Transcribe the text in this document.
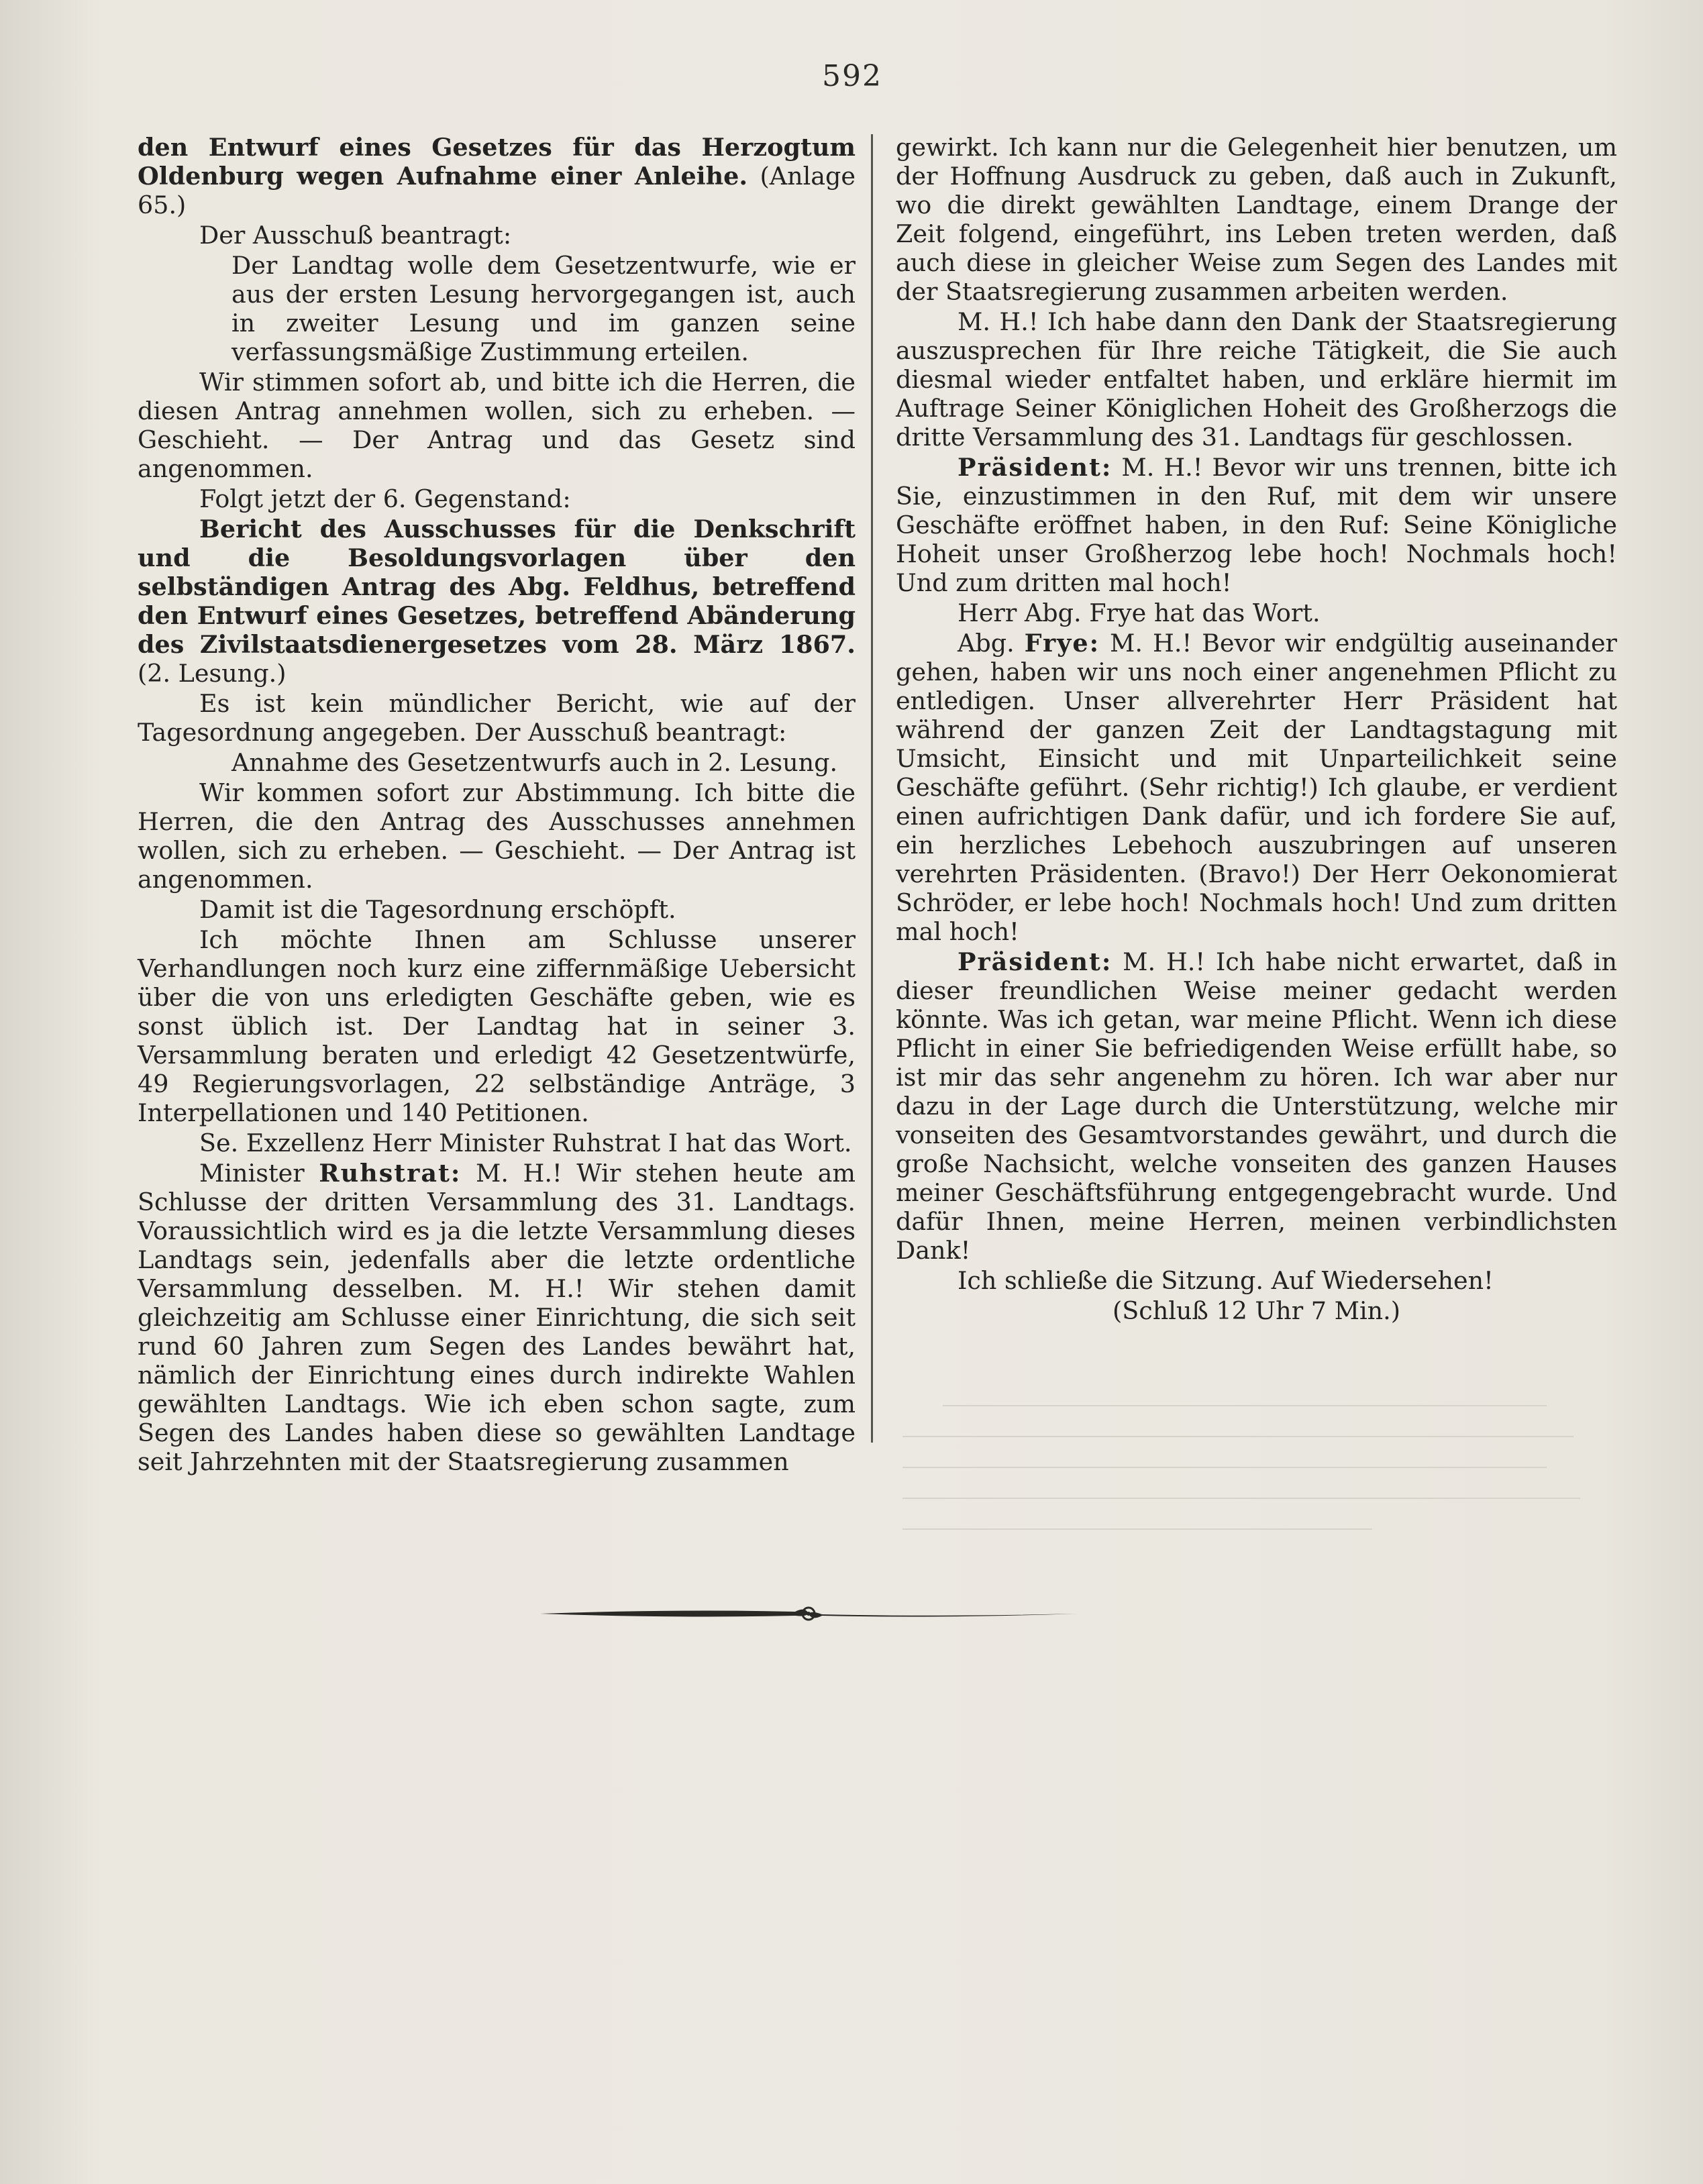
592

den Entwurf eines Gesetzes für das Herzogtum Oldenburg wegen Aufnahme einer Anleihe. (Anlage 65.)

Der Ausschuß beantragt:

Der Landtag wolle dem Gesetzentwurfe, wie er aus der ersten Lesung hervorgegangen ist, auch in zweiter Lesung und im ganzen seine verfassungsmäßige Zustimmung erteilen.

Wir stimmen sofort ab, und bitte ich die Herren, die diesen Antrag annehmen wollen, sich zu erheben. — Geschieht. — Der Antrag und das Gesetz sind angenommen.

Folgt jetzt der 6. Gegenstand:

Bericht des Ausschusses für die Denkschrift und die Besoldungsvorlagen über den selbständigen Antrag des Abg. Feldhus, betreffend den Entwurf eines Gesetzes, betreffend Abänderung des Zivilstaatsdienergesetzes vom 28. März 1867. (2. Lesung.)

Es ist kein mündlicher Bericht, wie auf der Tagesordnung angegeben. Der Ausschuß beantragt:

Annahme des Gesetzentwurfs auch in 2. Lesung.

Wir kommen sofort zur Abstimmung. Ich bitte die Herren, die den Antrag des Ausschusses annehmen wollen, sich zu erheben. — Geschieht. — Der Antrag ist angenommen.

Damit ist die Tagesordnung erschöpft.

Ich möchte Ihnen am Schlusse unserer Verhandlungen noch kurz eine ziffernmäßige Uebersicht über die von uns erledigten Geschäfte geben, wie es sonst üblich ist. Der Landtag hat in seiner 3. Versammlung beraten und erledigt 42 Gesetzentwürfe, 49 Regierungsvorlagen, 22 selbständige Anträge, 3 Interpellationen und 140 Petitionen.

Se. Exzellenz Herr Minister Ruhstrat I hat das Wort.

Minister Ruhstrat: M. H.! Wir stehen heute am Schlusse der dritten Versammlung des 31. Landtags. Voraussichtlich wird es ja die letzte Versammlung dieses Landtags sein, jedenfalls aber die letzte ordentliche Versammlung desselben. M. H.! Wir stehen damit gleichzeitig am Schlusse einer Einrichtung, die sich seit rund 60 Jahren zum Segen des Landes bewährt hat, nämlich der Einrichtung eines durch indirekte Wahlen gewählten Landtags. Wie ich eben schon sagte, zum Segen des Landes haben diese so gewählten Landtage seit Jahrzehnten mit der Staatsregierung zusammen

gewirkt. Ich kann nur die Gelegenheit hier benutzen, um der Hoffnung Ausdruck zu geben, daß auch in Zukunft, wo die direkt gewählten Landtage, einem Drange der Zeit folgend, eingeführt, ins Leben treten werden, daß auch diese in gleicher Weise zum Segen des Landes mit der Staatsregierung zusammen arbeiten werden.

M. H.! Ich habe dann den Dank der Staatsregierung auszusprechen für Ihre reiche Tätigkeit, die Sie auch diesmal wieder entfaltet haben, und erkläre hiermit im Auftrage Seiner Königlichen Hoheit des Großherzogs die dritte Versammlung des 31. Landtags für geschlossen.

Präsident: M. H.! Bevor wir uns trennen, bitte ich Sie, einzustimmen in den Ruf, mit dem wir unsere Geschäfte eröffnet haben, in den Ruf: Seine Königliche Hoheit unser Großherzog lebe hoch! Nochmals hoch! Und zum dritten mal hoch!

Herr Abg. Frye hat das Wort.

Abg. Frye: M. H.! Bevor wir endgültig auseinander gehen, haben wir uns noch einer angenehmen Pflicht zu entledigen. Unser allverehrter Herr Präsident hat während der ganzen Zeit der Landtagstagung mit Umsicht, Einsicht und mit Unparteilichkeit seine Geschäfte geführt. (Sehr richtig!) Ich glaube, er verdient einen aufrichtigen Dank dafür, und ich fordere Sie auf, ein herzliches Lebehoch auszubringen auf unseren verehrten Präsidenten. (Bravo!) Der Herr Oekonomierat Schröder, er lebe hoch! Nochmals hoch! Und zum dritten mal hoch!

Präsident: M. H.! Ich habe nicht erwartet, daß in dieser freundlichen Weise meiner gedacht werden könnte. Was ich getan, war meine Pflicht. Wenn ich diese Pflicht in einer Sie befriedigenden Weise erfüllt habe, so ist mir das sehr angenehm zu hören. Ich war aber nur dazu in der Lage durch die Unterstützung, welche mir vonseiten des Gesamtvorstandes gewährt, und durch die große Nachsicht, welche vonseiten des ganzen Hauses meiner Geschäftsführung entgegengebracht wurde. Und dafür Ihnen, meine Herren, meinen verbindlichsten Dank!

Ich schließe die Sitzung. Auf Wiedersehen!

(Schluß 12 Uhr 7 Min.)
